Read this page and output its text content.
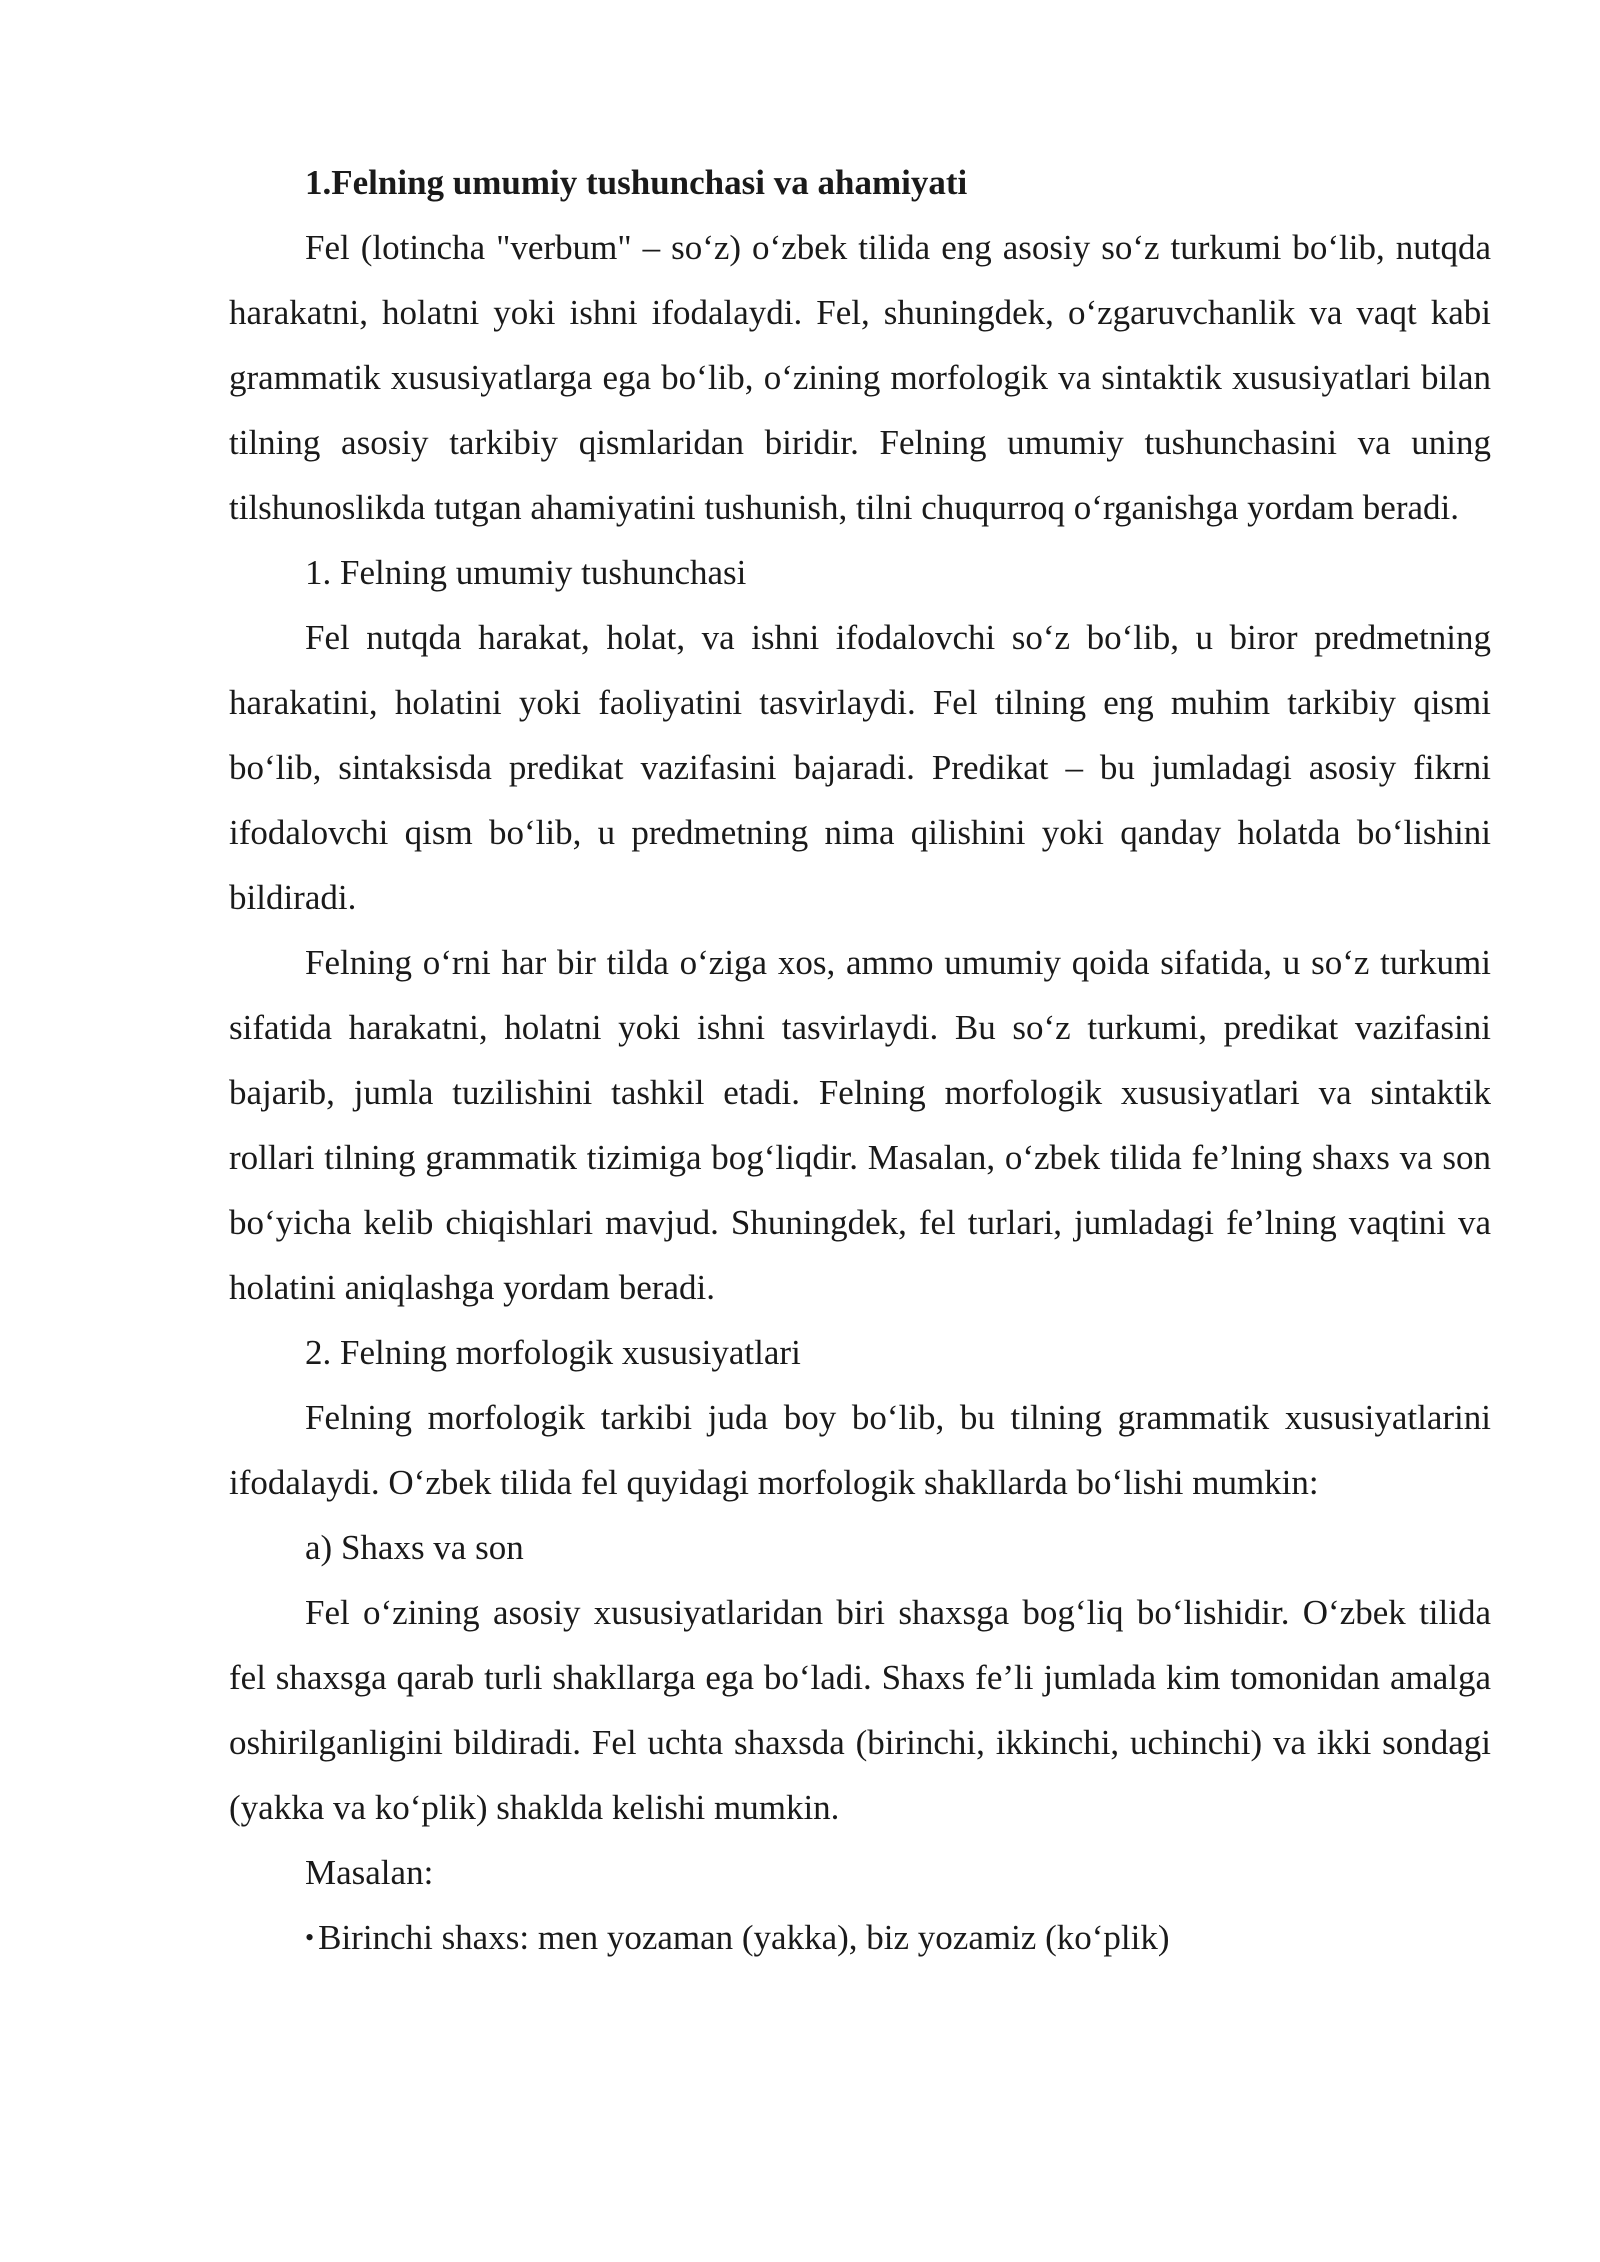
1.Felning umumiy tushunchasi va ahamiyati

Fel (lotincha "verbum" – so‘z) o‘zbek tilida eng asosiy so‘z turkumi bo‘lib, nutqda harakatni, holatni yoki ishni ifodalaydi. Fel, shuningdek, o‘zgaruvchanlik va vaqt kabi grammatik xususiyatlarga ega bo‘lib, o‘zining morfologik va sintaktik xususiyatlari bilan tilning asosiy tarkibiy qismlaridan biridir. Felning umumiy tushunchasini va uning tilshunoslikda tutgan ahamiyatini tushunish, tilni chuqurroq o‘rganishga yordam beradi.

1. Felning umumiy tushunchasi

Fel nutqda harakat, holat, va ishni ifodalovchi so‘z bo‘lib, u biror predmetning harakatini, holatini yoki faoliyatini tasvirlaydi. Fel tilning eng muhim tarkibiy qismi bo‘lib, sintaksisda predikat vazifasini bajaradi. Predikat – bu jumladagi asosiy fikrni ifodalovchi qism bo‘lib, u predmetning nima qilishini yoki qanday holatda bo‘lishini bildiradi.

Felning o‘rni har bir tilda o‘ziga xos, ammo umumiy qoida sifatida, u so‘z turkumi sifatida harakatni, holatni yoki ishni tasvirlaydi. Bu so‘z turkumi, predikat vazifasini bajarib, jumla tuzilishini tashkil etadi. Felning morfologik xususiyatlari va sintaktik rollari tilning grammatik tizimiga bog‘liqdir. Masalan, o‘zbek tilida fe’lning shaxs va son bo‘yicha kelib chiqishlari mavjud. Shuningdek, fel turlari, jumladagi fe’lning vaqtini va holatini aniqlashga yordam beradi.

2. Felning morfologik xususiyatlari

Felning morfologik tarkibi juda boy bo‘lib, bu tilning grammatik xususiyatlarini ifodalaydi. O‘zbek tilida fel quyidagi morfologik shakllarda bo‘lishi mumkin:

a) Shaxs va son

Fel o‘zining asosiy xususiyatlaridan biri shaxsga bog‘liq bo‘lishidir. O‘zbek tilida fel shaxsga qarab turli shakllarga ega bo‘ladi. Shaxs fe’li jumlada kim tomonidan amalga oshirilganligini bildiradi. Fel uchta shaxsda (birinchi, ikkinchi, uchinchi) va ikki sondagi (yakka va ko‘plik) shaklda kelishi mumkin.

Masalan:

• Birinchi shaxs: men yozaman (yakka), biz yozamiz (ko‘plik)
